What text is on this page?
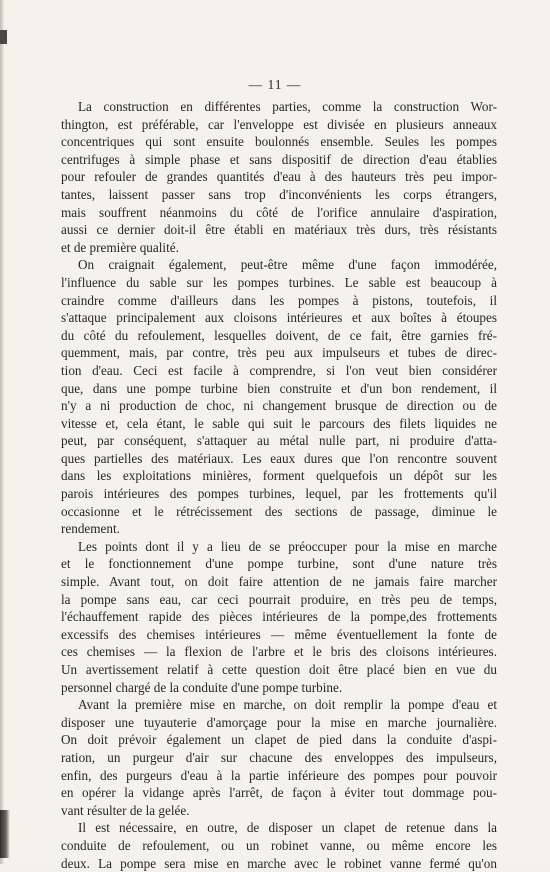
— 11 —
La construction en différentes parties, comme la construction Wor-
thington, est préférable, car l'enveloppe est divisée en plusieurs anneaux
concentriques qui sont ensuite boulonnés ensemble. Seules les pompes
centrifuges à simple phase et sans dispositif de direction d'eau établies
pour refouler de grandes quantités d'eau à des hauteurs très peu impor-
tantes, laissent passer sans trop d'inconvénients les corps étrangers,
mais souffrent néanmoins du côté de l'orifice annulaire d'aspiration,
aussi ce dernier doit-il être établi en matériaux très durs, très résistants
et de première qualité.
On craignait également, peut-être même d'une façon immodérée,
l'influence du sable sur les pompes turbines. Le sable est beaucoup à
craindre comme d'ailleurs dans les pompes à pistons, toutefois, il
s'attaque principalement aux cloisons intérieures et aux boîtes à étoupes
du côté du refoulement, lesquelles doivent, de ce fait, être garnies fré-
quemment, mais, par contre, très peu aux impulseurs et tubes de direc-
tion d'eau. Ceci est facile à comprendre, si l'on veut bien considérer
que, dans une pompe turbine bien construite et d'un bon rendement, il
n'y a ni production de choc, ni changement brusque de direction ou de
vitesse et, cela étant, le sable qui suit le parcours des filets liquides ne
peut, par conséquent, s'attaquer au métal nulle part, ni produire d'atta-
ques partielles des matériaux. Les eaux dures que l'on rencontre souvent
dans les exploitations minières, forment quelquefois un dépôt sur les
parois intérieures des pompes turbines, lequel, par les frottements qu'il
occasionne et le rétrécissement des sections de passage, diminue le
rendement.
Les points dont il y a lieu de se préoccuper pour la mise en marche
et le fonctionnement d'une pompe turbine, sont d'une nature très
simple. Avant tout, on doit faire attention de ne jamais faire marcher
la pompe sans eau, car ceci pourrait produire, en très peu de temps,
l'échauffement rapide des pièces intérieures de la pompe,des frottements
excessifs des chemises intérieures — même éventuellement la fonte de
ces chemises — la flexion de l'arbre et le bris des cloisons intérieures.
Un avertissement relatif à cette question doit être placé bien en vue du
personnel chargé de la conduite d'une pompe turbine.
Avant la première mise en marche, on doit remplir la pompe d'eau et
disposer une tuyauterie d'amorçage pour la mise en marche journalière.
On doit prévoir également un clapet de pied dans la conduite d'aspi-
ration, un purgeur d'air sur chacune des enveloppes des impulseurs,
enfin, des purgeurs d'eau à la partie inférieure des pompes pour pouvoir
en opérer la vidange après l'arrêt, de façon à éviter tout dommage pou-
vant résulter de la gelée.
Il est nécessaire, en outre, de disposer un clapet de retenue dans la
conduite de refoulement, ou un robinet vanne, ou même encore les
deux. La pompe sera mise en marche avec le robinet vanne fermé qu'on
